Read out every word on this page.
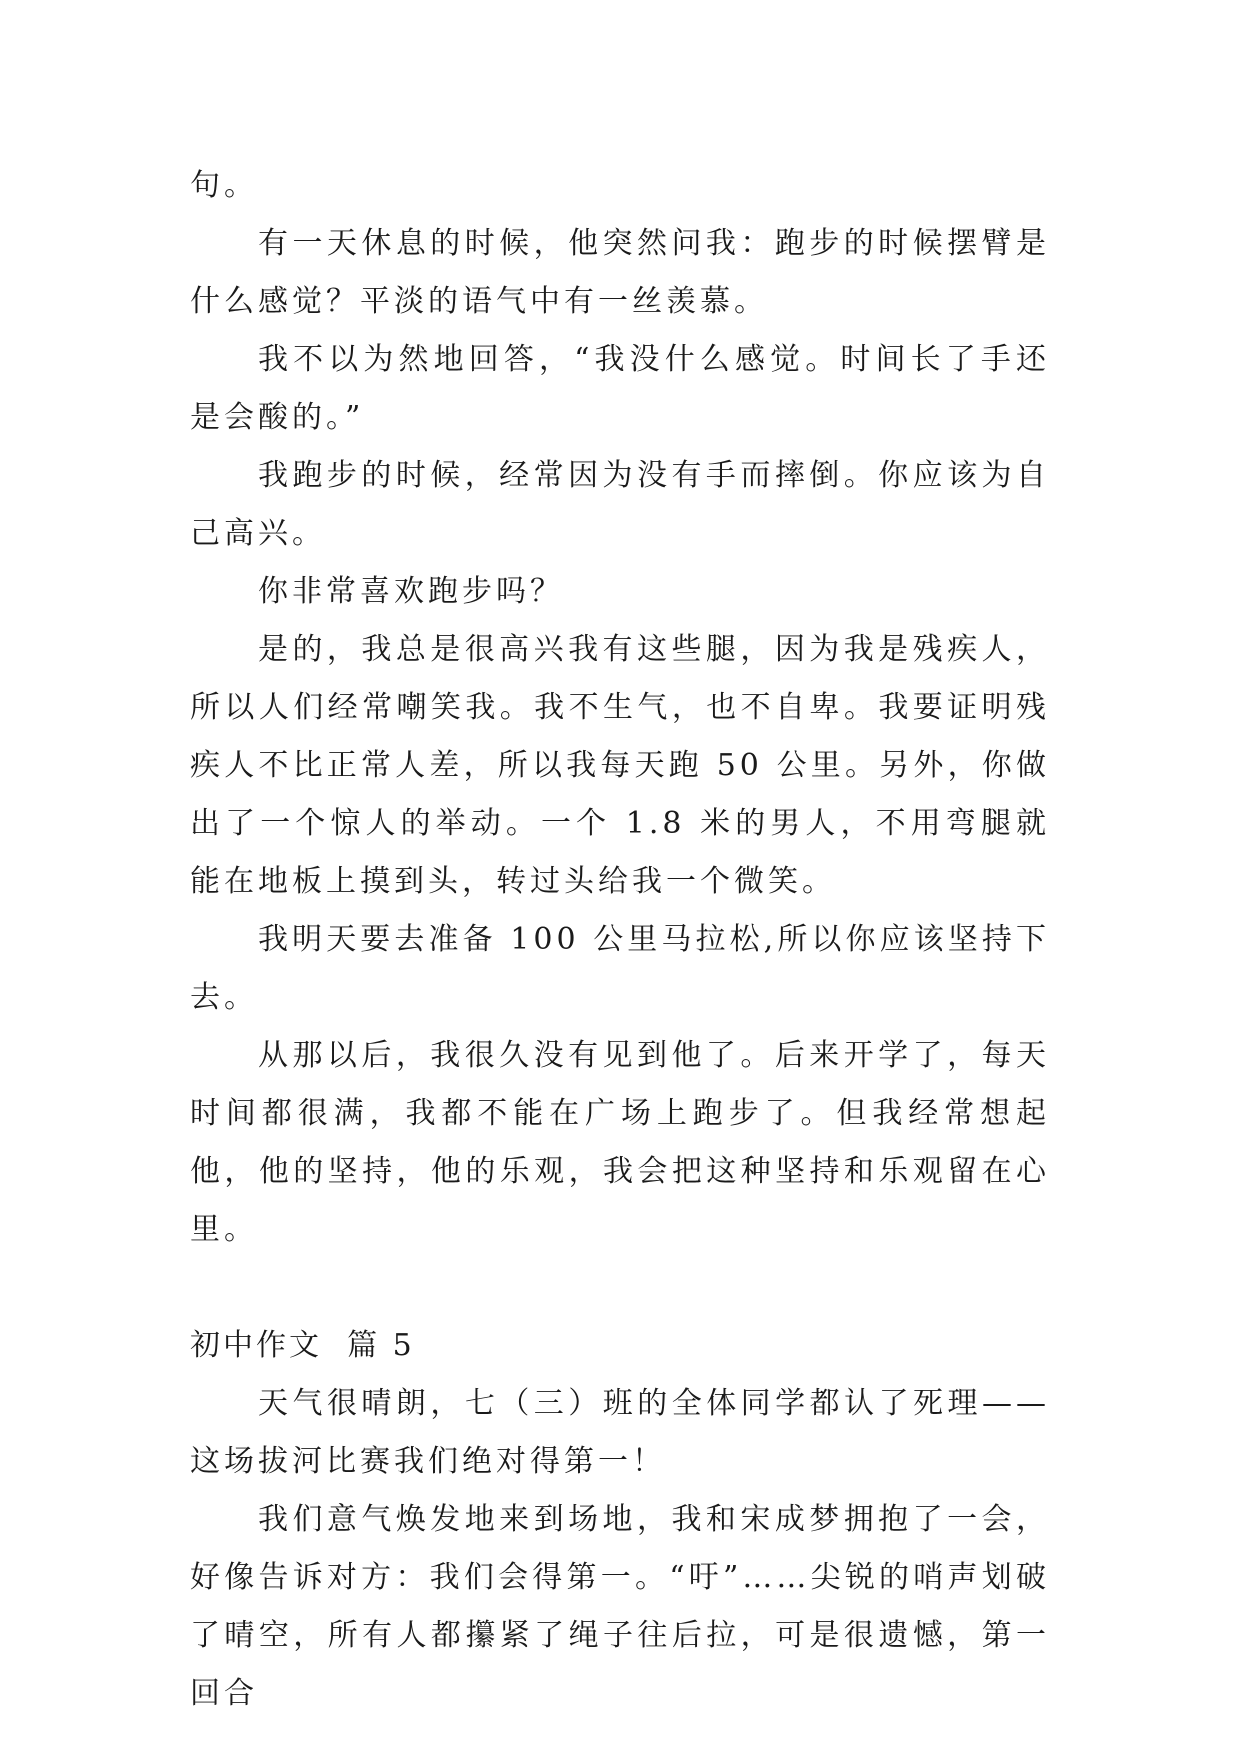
句。

有一天休息的时候，他突然问我：跑步的时候摆臂是什么感觉？平淡的语气中有一丝羡慕。

我不以为然地回答，“我没什么感觉。时间长了手还是会酸的。”

我跑步的时候，经常因为没有手而摔倒。你应该为自己高兴。

你非常喜欢跑步吗？

是的，我总是很高兴我有这些腿，因为我是残疾人，所以人们经常嘲笑我。我不生气，也不自卑。我要证明残疾人不比正常人差，所以我每天跑 50 公里。另外，你做出了一个惊人的举动。一个 1.8 米的男人，不用弯腿就能在地板上摸到头，转过头给我一个微笑。

我明天要去准备 100 公里马拉松,所以你应该坚持下去。

从那以后，我很久没有见到他了。后来开学了，每天时间都很满，我都不能在广场上跑步了。但我经常想起他，他的坚持，他的乐观，我会把这种坚持和乐观留在心里。

初中作文  篇 5

天气很晴朗，七（三）班的全体同学都认了死理——这场拔河比赛我们绝对得第一！

我们意气焕发地来到场地，我和宋成梦拥抱了一会，好像告诉对方：我们会得第一。“吁”……尖锐的哨声划破了晴空，所有人都攥紧了绳子往后拉，可是很遗憾，第一回合
